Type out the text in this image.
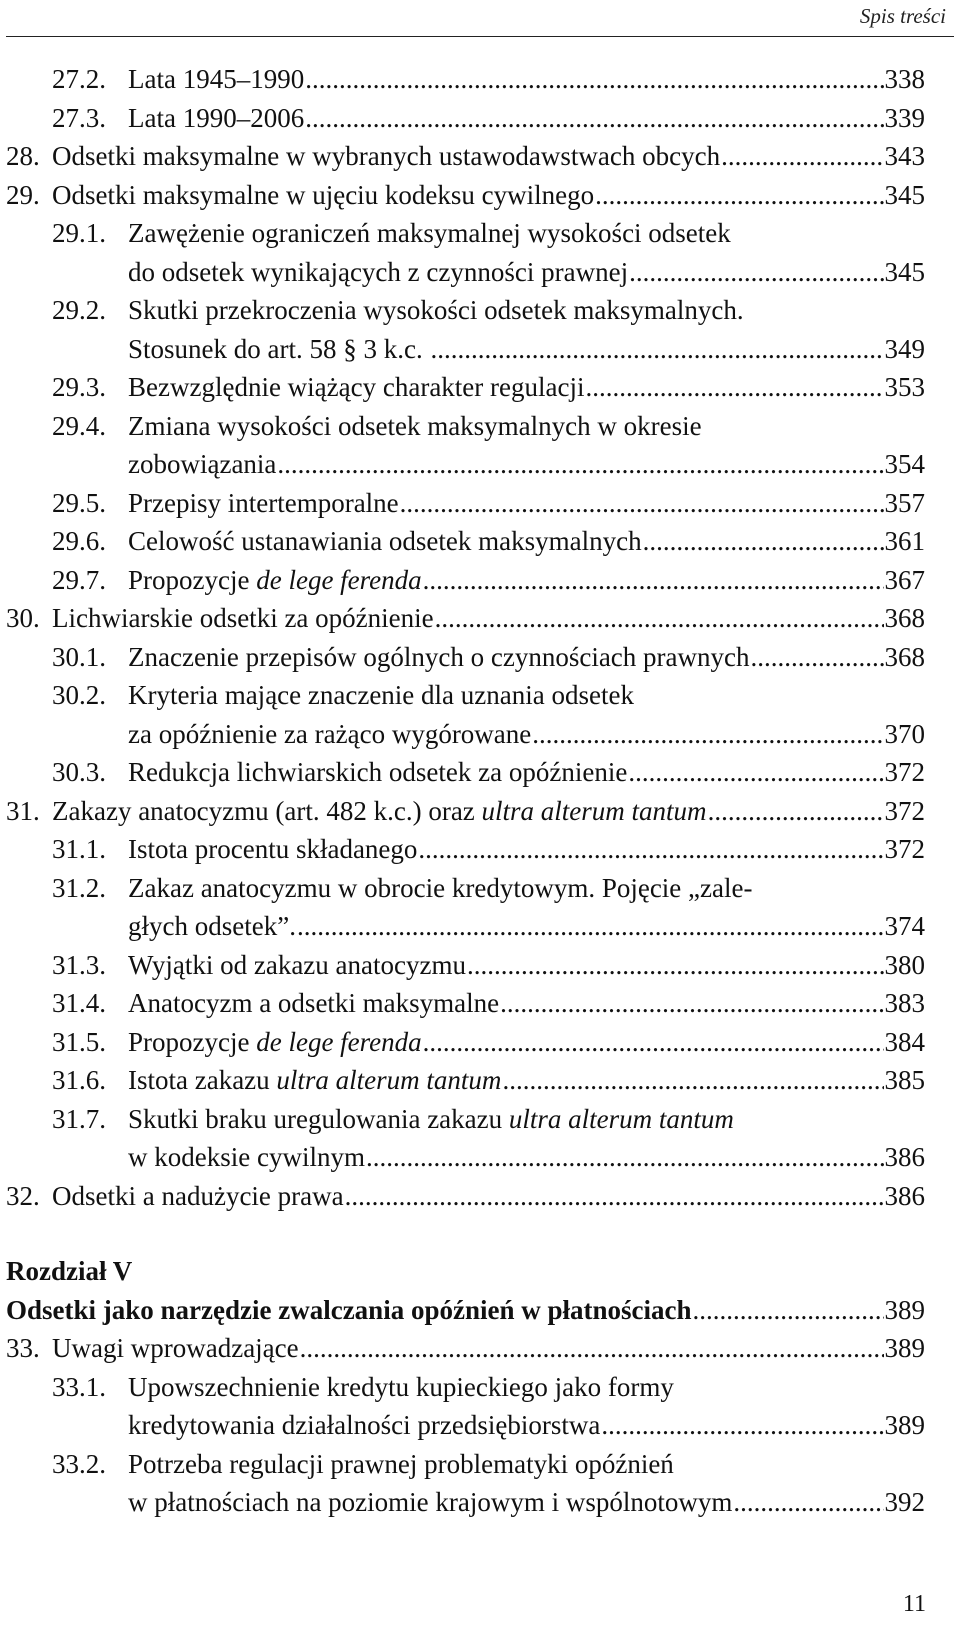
Spis treści
27.2. Lata 1945–1990 .....	338
27.3. Lata 1990–2006 .....	339
28. Odsetki maksymalne w wybranych ustawodawstwach obcych .....	343
29. Odsetki maksymalne w ujęciu kodeksu cywilnego .....	345
29.1. Zawężenie ograniczeń maksymalnej wysokości odsetek
do odsetek wynikających z czynności prawnej .....	345
29.2. Skutki przekroczenia wysokości odsetek maksymalnych.
Stosunek do art. 58 § 3 k.c. .....	349
29.3. Bezwzględnie wiążący charakter regulacji .....	353
29.4. Zmiana wysokości odsetek maksymalnych w okresie
zobowiązania .....	354
29.5. Przepisy intertemporalne .....	357
29.6. Celowość ustanawiania odsetek maksymalnych .....	361
29.7. Propozycje de lege ferenda .....	367
30. Lichwiarskie odsetki za opóźnienie .....	368
30.1. Znaczenie przepisów ogólnych o czynnościach prawnych .....	368
30.2. Kryteria mające znaczenie dla uznania odsetek
za opóźnienie za rażąco wygórowane .....	370
30.3. Redukcja lichwiarskich odsetek za opóźnienie .....	372
31. Zakazy anatocyzmu (art. 482 k.c.) oraz ultra alterum tantum .....	372
31.1. Istota procentu składanego .....	372
31.2. Zakaz anatocyzmu w obrocie kredytowym. Pojęcie „zale-
głych odsetek”. .....	374
31.3. Wyjątki od zakazu anatocyzmu .....	380
31.4. Anatocyzm a odsetki maksymalne .....	383
31.5. Propozycje de lege ferenda .....	384
31.6. Istota zakazu ultra alterum tantum .....	385
31.7. Skutki braku uregulowania zakazu ultra alterum tantum
w kodeksie cywilnym .....	386
32. Odsetki a nadużycie prawa .....	386
Rozdział V
Odsetki jako narzędzie zwalczania opóźnień w płatnościach .....	389
33. Uwagi wprowadzające .....	389
33.1. Upowszechnienie kredytu kupieckiego jako formy
kredytowania działalności przedsiębiorstwa .....	389
33.2. Potrzeba regulacji prawnej problematyki opóźnień
w płatnościach na poziomie krajowym i wspólnotowym .....	392
11
